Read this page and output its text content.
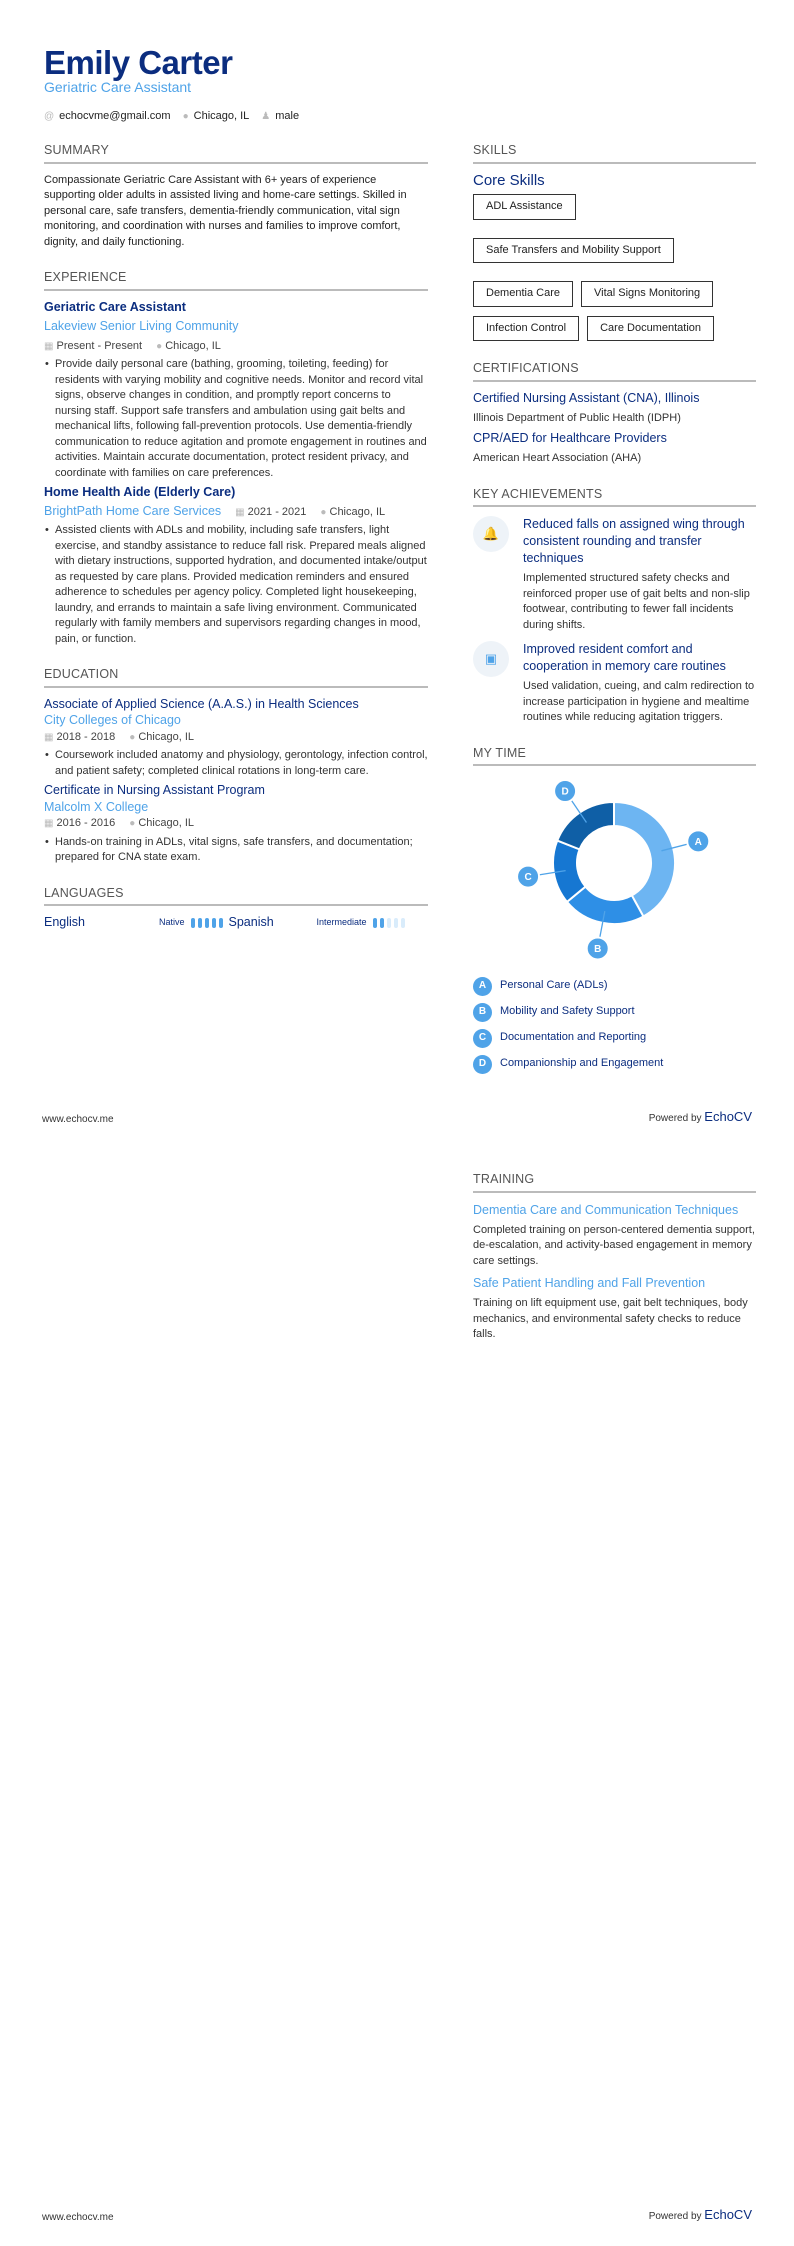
Emily Carter
Geriatric Care Assistant
@ echocvme@gmail.com ● Chicago, IL ♟ male
SUMMARY
Compassionate Geriatric Care Assistant with 6+ years of experience supporting older adults in assisted living and home-care settings. Skilled in personal care, safe transfers, dementia-friendly communication, vital sign monitoring, and coordination with nurses and families to improve comfort, dignity, and daily functioning.
EXPERIENCE
Geriatric Care Assistant
Lakeview Senior Living Community
▦ Present - Present ● Chicago, IL
• Provide daily personal care (bathing, grooming, toileting, feeding) for residents with varying mobility and cognitive needs. Monitor and record vital signs, observe changes in condition, and promptly report concerns to nursing staff. Support safe transfers and ambulation using gait belts and mechanical lifts, following fall-prevention protocols. Use dementia-friendly communication to reduce agitation and promote engagement in routines and activities. Maintain accurate documentation, protect resident privacy, and coordinate with families on care preferences.
Home Health Aide (Elderly Care)
BrightPath Home Care Services ▦ 2021 - 2021 ● Chicago, IL
• Assisted clients with ADLs and mobility, including safe transfers, light exercise, and standby assistance to reduce fall risk. Prepared meals aligned with dietary instructions, supported hydration, and documented intake/output as requested by care plans. Provided medication reminders and ensured adherence to schedules per agency policy. Completed light housekeeping, laundry, and errands to maintain a safe living environment. Communicated regularly with family members and supervisors regarding changes in mood, pain, or function.
EDUCATION
Associate of Applied Science (A.A.S.) in Health Sciences
City Colleges of Chicago
▦ 2018 - 2018 ● Chicago, IL
• Coursework included anatomy and physiology, gerontology, infection control, and patient safety; completed clinical rotations in long-term care.
Certificate in Nursing Assistant Program
Malcolm X College
▦ 2016 - 2016 ● Chicago, IL
• Hands-on training in ADLs, vital signs, safe transfers, and documentation; prepared for CNA state exam.
LANGUAGES
English	Native	Spanish	Intermediate
SKILLS
Core Skills
ADL Assistance
Safe Transfers and Mobility Support
Dementia Care	Vital Signs Monitoring
Infection Control	Care Documentation
CERTIFICATIONS
Certified Nursing Assistant (CNA), Illinois
Illinois Department of Public Health (IDPH)
CPR/AED for Healthcare Providers
American Heart Association (AHA)
KEY ACHIEVEMENTS
🔔
Reduced falls on assigned wing through consistent rounding and transfer techniques
Implemented structured safety checks and reinforced proper use of gait belts and non-slip footwear, contributing to fewer fall incidents during shifts.
▣
Improved resident comfort and cooperation in memory care routines
Used validation, cueing, and calm redirection to increase participation in hygiene and mealtime routines while reducing agitation triggers.
MY TIME
A
B
C
D
A	Personal Care (ADLs)
B	Mobility and Safety Support
C	Documentation and Reporting
D	Companionship and Engagement
www.echocv.me	Powered by EchoCV
TRAINING
Dementia Care and Communication Techniques
Completed training on person-centered dementia support, de-escalation, and activity-based engagement in memory care settings.
Safe Patient Handling and Fall Prevention
Training on lift equipment use, gait belt techniques, body mechanics, and environmental safety checks to reduce falls.
www.echocv.me	Powered by EchoCV
